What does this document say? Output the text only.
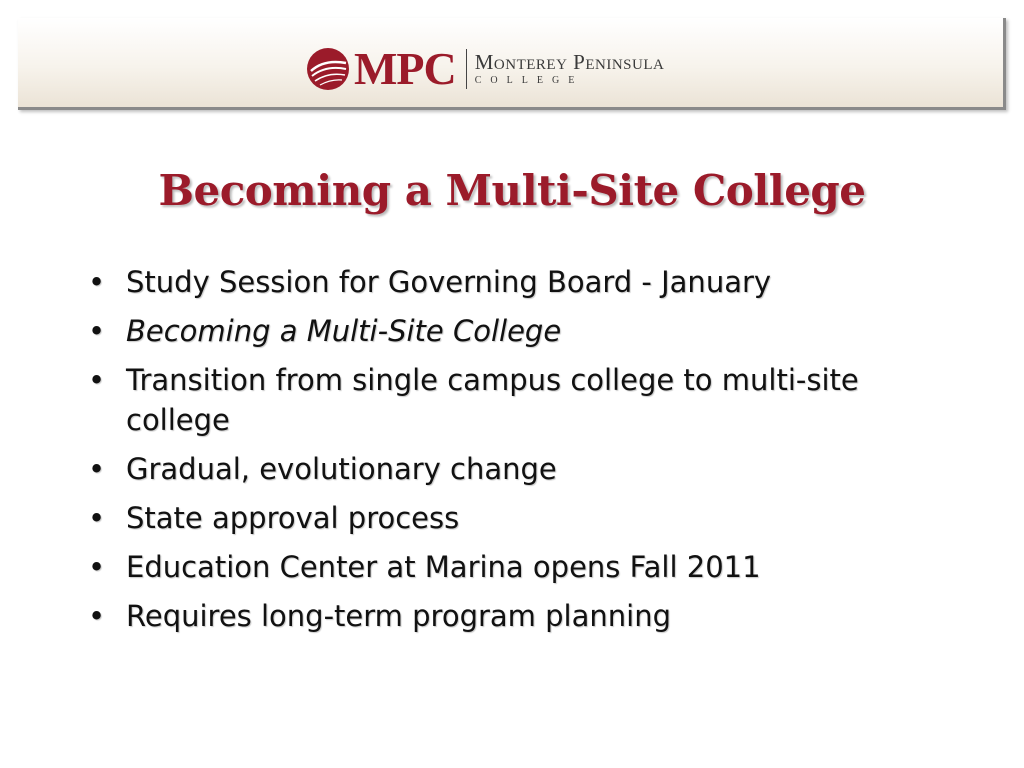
MPC Monterey Peninsula
COLLEGE
Becoming a Multi-Site College
• Study Session for Governing Board - January
• Becoming a Multi-Site College
• Transition from single campus college to multi-site college
• Gradual, evolutionary change
• State approval process
• Education Center at Marina opens Fall 2011
• Requires long-term program planning
